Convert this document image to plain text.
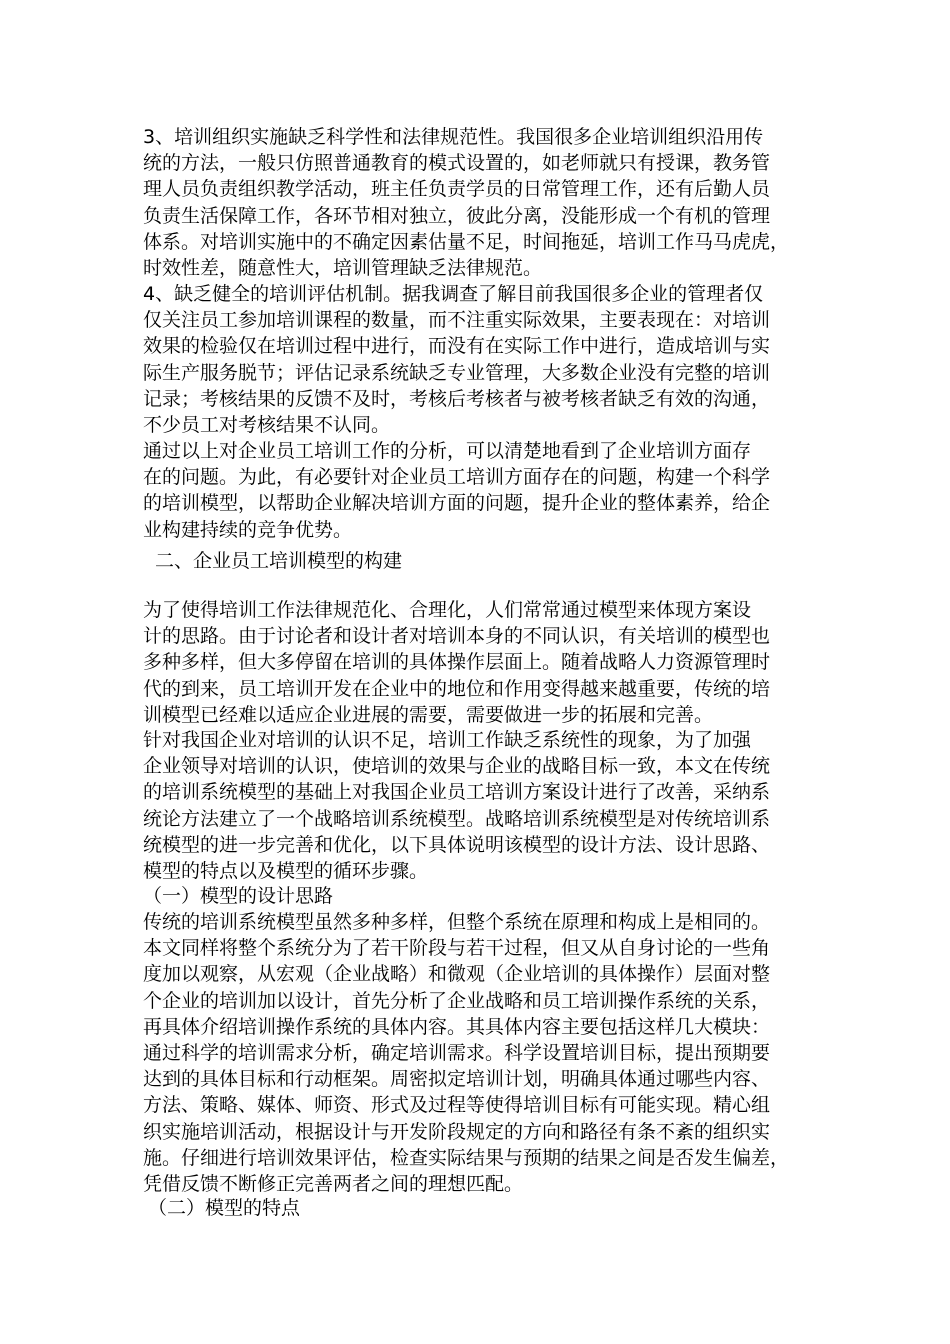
3、培训组织实施缺乏科学性和法律规范性。我国很多企业培训组织沿用传
统的方法，一般只仿照普通教育的模式设置的，如老师就只有授课，教务管
理人员负责组织教学活动，班主任负责学员的日常管理工作，还有后勤人员
负责生活保障工作，各环节相对独立，彼此分离，没能形成一个有机的管理
体系。对培训实施中的不确定因素估量不足，时间拖延，培训工作马马虎虎，
时效性差，随意性大，培训管理缺乏法律规范。
4、缺乏健全的培训评估机制。据我调查了解目前我国很多企业的管理者仅
仅关注员工参加培训课程的数量，而不注重实际效果，主要表现在：对培训
效果的检验仅在培训过程中进行，而没有在实际工作中进行，造成培训与实
际生产服务脱节；评估记录系统缺乏专业管理，大多数企业没有完整的培训
记录；考核结果的反馈不及时，考核后考核者与被考核者缺乏有效的沟通，
不少员工对考核结果不认同。
通过以上对企业员工培训工作的分析，可以清楚地看到了企业培训方面存
在的问题。为此，有必要针对企业员工培训方面存在的问题，构建一个科学
的培训模型，以帮助企业解决培训方面的问题，提升企业的整体素养，给企
业构建持续的竞争优势。
二、企业员工培训模型的构建
为了使得培训工作法律规范化、合理化，人们常常通过模型来体现方案设
计的思路。由于讨论者和设计者对培训本身的不同认识，有关培训的模型也
多种多样，但大多停留在培训的具体操作层面上。随着战略人力资源管理时
代的到来，员工培训开发在企业中的地位和作用变得越来越重要，传统的培
训模型已经难以适应企业进展的需要，需要做进一步的拓展和完善。
针对我国企业对培训的认识不足，培训工作缺乏系统性的现象，为了加强
企业领导对培训的认识，使培训的效果与企业的战略目标一致，本文在传统
的培训系统模型的基础上对我国企业员工培训方案设计进行了改善，采纳系
统论方法建立了一个战略培训系统模型。战略培训系统模型是对传统培训系
统模型的进一步完善和优化，以下具体说明该模型的设计方法、设计思路、
模型的特点以及模型的循环步骤。
（一）模型的设计思路
传统的培训系统模型虽然多种多样，但整个系统在原理和构成上是相同的。
本文同样将整个系统分为了若干阶段与若干过程，但又从自身讨论的一些角
度加以观察，从宏观（企业战略）和微观（企业培训的具体操作）层面对整
个企业的培训加以设计，首先分析了企业战略和员工培训操作系统的关系，
再具体介绍培训操作系统的具体内容。其具体内容主要包括这样几大模块：
通过科学的培训需求分析，确定培训需求。科学设置培训目标，提出预期要
达到的具体目标和行动框架。周密拟定培训计划，明确具体通过哪些内容、
方法、策略、媒体、师资、形式及过程等使得培训目标有可能实现。精心组
织实施培训活动，根据设计与开发阶段规定的方向和路径有条不紊的组织实
施。仔细进行培训效果评估，检查实际结果与预期的结果之间是否发生偏差，
凭借反馈不断修正完善两者之间的理想匹配。
（二）模型的特点
